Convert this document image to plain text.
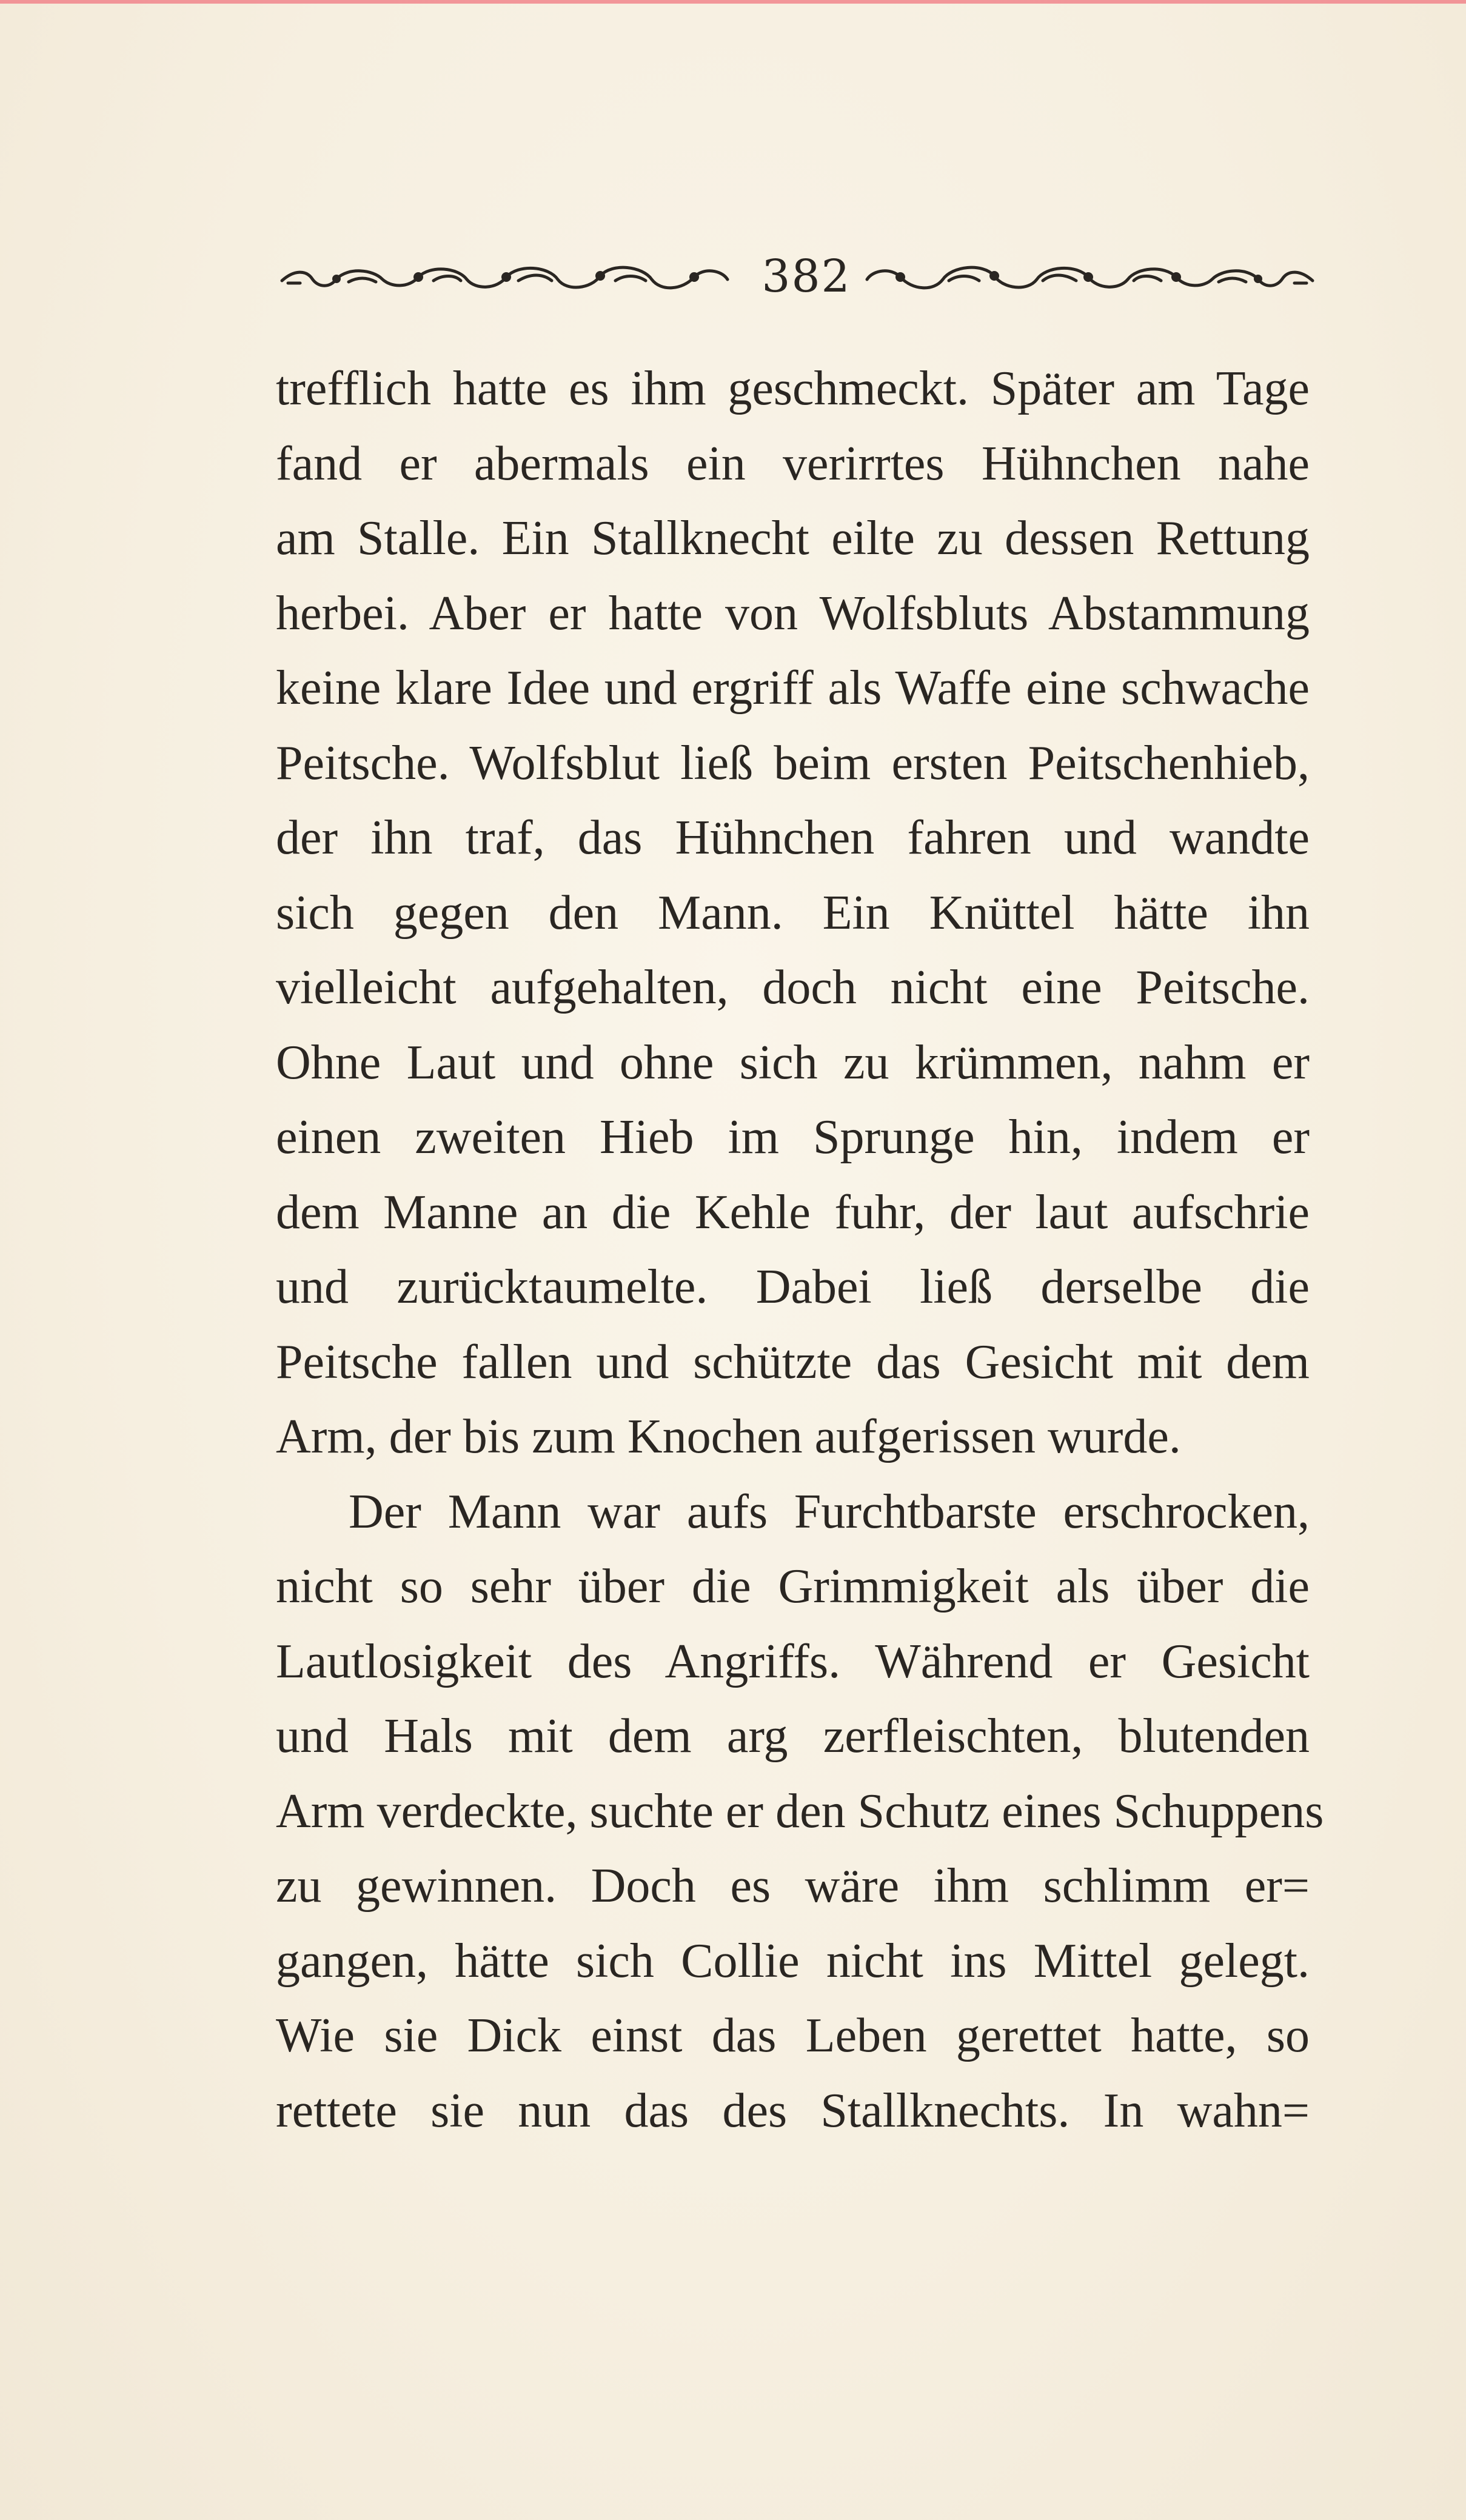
382
trefflich hatte es ihm geschmeckt. Später am Tage
fand er abermals ein verirrtes Hühnchen nahe
am Stalle. Ein Stallknecht eilte zu dessen Rettung
herbei. Aber er hatte von Wolfsbluts Abstammung
keine klare Idee und ergriff als Waffe eine schwache
Peitsche. Wolfsblut ließ beim ersten Peitschenhieb,
der ihn traf, das Hühnchen fahren und wandte
sich gegen den Mann. Ein Knüttel hätte ihn
vielleicht aufgehalten, doch nicht eine Peitsche.
Ohne Laut und ohne sich zu krümmen, nahm er
einen zweiten Hieb im Sprunge hin, indem er
dem Manne an die Kehle fuhr, der laut aufschrie
und zurücktaumelte. Dabei ließ derselbe die
Peitsche fallen und schützte das Gesicht mit dem
Arm, der bis zum Knochen aufgerissen wurde.
Der Mann war aufs Furchtbarste erschrocken,
nicht so sehr über die Grimmigkeit als über die
Lautlosigkeit des Angriffs. Während er Gesicht
und Hals mit dem arg zerfleischten, blutenden
Arm verdeckte, suchte er den Schutz eines Schuppens
zu gewinnen. Doch es wäre ihm schlimm er=
gangen, hätte sich Collie nicht ins Mittel gelegt.
Wie sie Dick einst das Leben gerettet hatte, so
rettete sie nun das des Stallknechts. In wahn=
